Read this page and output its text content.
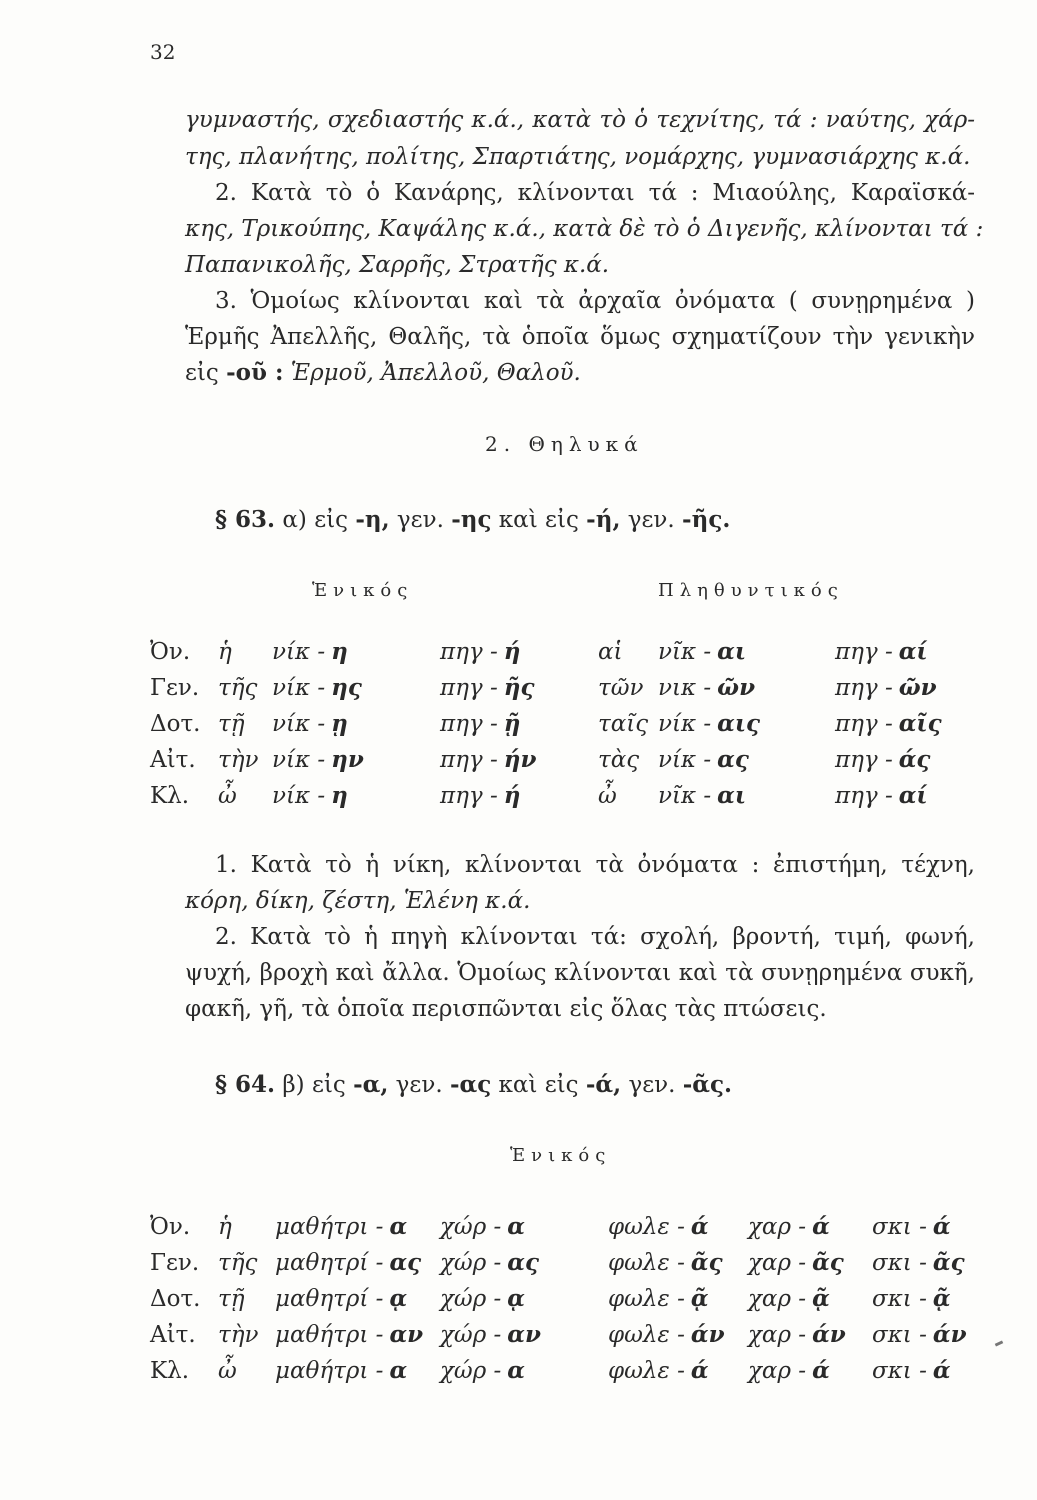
32
γυμναστής, σχεδιαστής κ.ά., κατὰ τὸ ὁ τεχνίτης, τά : ναύτης, χάρ-
της, πλανήτης, πολίτης, Σπαρτιάτης, νομάρχης, γυμνασιάρχης κ.ά.
2. Κατὰ τὸ ὁ Κανάρης, κλίνονται τά : Μιαούλης, Καραϊσκά-
κης, Τρικούπης, Καψάλης κ.ά., κατὰ δὲ τὸ ὁ Διγενῆς, κλίνονται τά :
Παπανικολῆς, Σαρρῆς, Στρατῆς κ.ά.
3. Ὁμοίως κλίνονται καὶ τὰ ἀρχαῖα ὀνόματα ( συνῃρημένα )
Ἑρμῆς Ἀπελλῆς, Θαλῆς, τὰ ὁποῖα ὅμως σχηματίζουν τὴν γενικὴν
εἰς -οῦ : Ἑρμοῦ, Ἀπελλοῦ, Θαλοῦ.
2. Θηλυκά
§ 63. α) εἰς -η, γεν. -ης καὶ εἰς -ή, γεν. -ῆς.
Ἑνικός	Πληθυντικός
Ὀν. ἡ νίκ - η	πηγ - ή	αἱ νῖκ - αι	πηγ - αί
Γεν. τῆς νίκ - ης	πηγ - ῆς	τῶν νικ - ῶν	πηγ - ῶν
Δοτ. τῇ νίκ - ῃ	πηγ - ῇ	ταῖς νίκ - αις	πηγ - αῖς
Αἰτ. τὴν νίκ - ην	πηγ - ήν	τὰς νίκ - ας	πηγ - άς
Κλ. ὦ νίκ - η	πηγ - ή	ὦ νῖκ - αι	πηγ - αί
1. Κατὰ τὸ ἡ νίκη, κλίνονται τὰ ὀνόματα : ἐπιστήμη, τέχνη,
κόρη, δίκη, ζέστη, Ἑλένη κ.ά.
2. Κατὰ τὸ ἡ πηγὴ κλίνονται τά: σχολή, βροντή, τιμή, φωνή,
ψυχή, βροχὴ καὶ ἄλλα. Ὁμοίως κλίνονται καὶ τὰ συνῃρημένα συκῆ,
φακῆ, γῆ, τὰ ὁποῖα περισπῶνται εἰς ὅλας τὰς πτώσεις.
§ 64. β) εἰς -α, γεν. -ας καὶ εἰς -ά, γεν. -ᾶς.
Ἑνικός
Ὀν. ἡ μαθήτρι - α χώρ - α	φωλε - ά χαρ - ά σκι - ά
Γεν. τῆς μαθητρί - ας χώρ - ας	φωλε - ᾶς χαρ - ᾶς σκι - ᾶς
Δοτ. τῇ μαθητρί - ᾳ χώρ - ᾳ	φωλε - ᾷ χαρ - ᾷ σκι - ᾷ
Αἰτ. τὴν μαθήτρι - αν χώρ - αν	φωλε - άν χαρ - άν σκι - άν
Κλ. ὦ μαθήτρι - α χώρ - α	φωλε - ά χαρ - ά σκι - ά
